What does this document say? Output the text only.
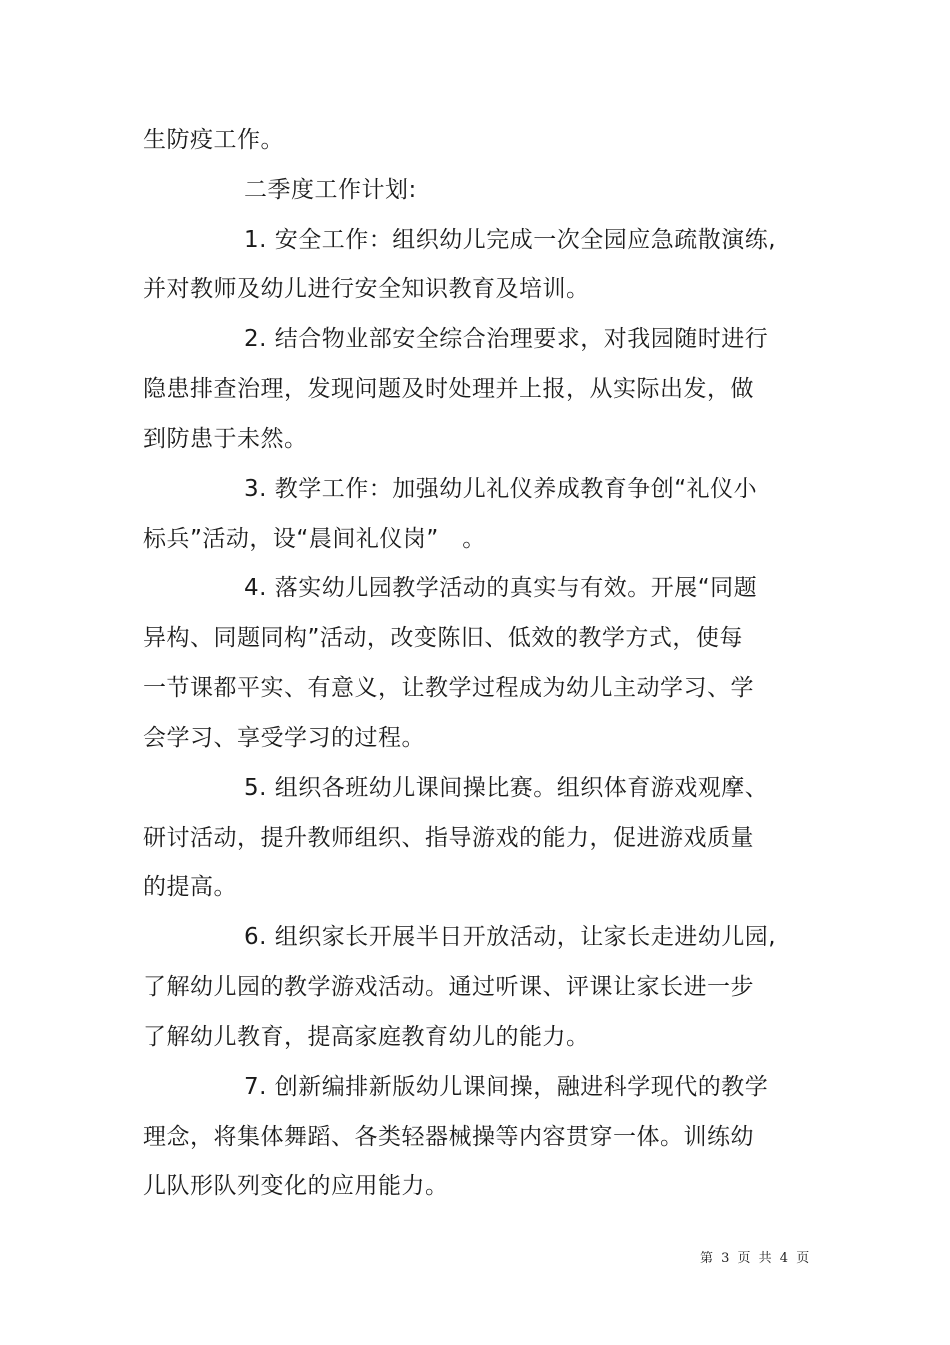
生防疫工作。
二季度工作计划:
1. 安全工作：组织幼儿完成一次全园应急疏散演练,
并对教师及幼儿进行安全知识教育及培训。
2. 结合物业部安全综合治理要求，对我园随时进行
隐患排查治理，发现问题及时处理并上报，从实际出发，做
到防患于未然。
3. 教学工作：加强幼儿礼仪养成教育争创“礼仪小
标兵”活动，设“晨间礼仪岗”　。
4. 落实幼儿园教学活动的真实与有效。开展“同题
异构、同题同构”活动，改变陈旧、低效的教学方式，使每
一节课都平实、有意义，让教学过程成为幼儿主动学习、学
会学习、享受学习的过程。
5. 组织各班幼儿课间操比赛。组织体育游戏观摩、
研讨活动，提升教师组织、指导游戏的能力，促进游戏质量
的提高。
6. 组织家长开展半日开放活动，让家长走进幼儿园,
了解幼儿园的教学游戏活动。通过听课、评课让家长进一步
了解幼儿教育，提高家庭教育幼儿的能力。
7. 创新编排新版幼儿课间操，融进科学现代的教学
理念，将集体舞蹈、各类轻器械操等内容贯穿一体。训练幼
儿队形队列变化的应用能力。
第 3 页 共 4 页
